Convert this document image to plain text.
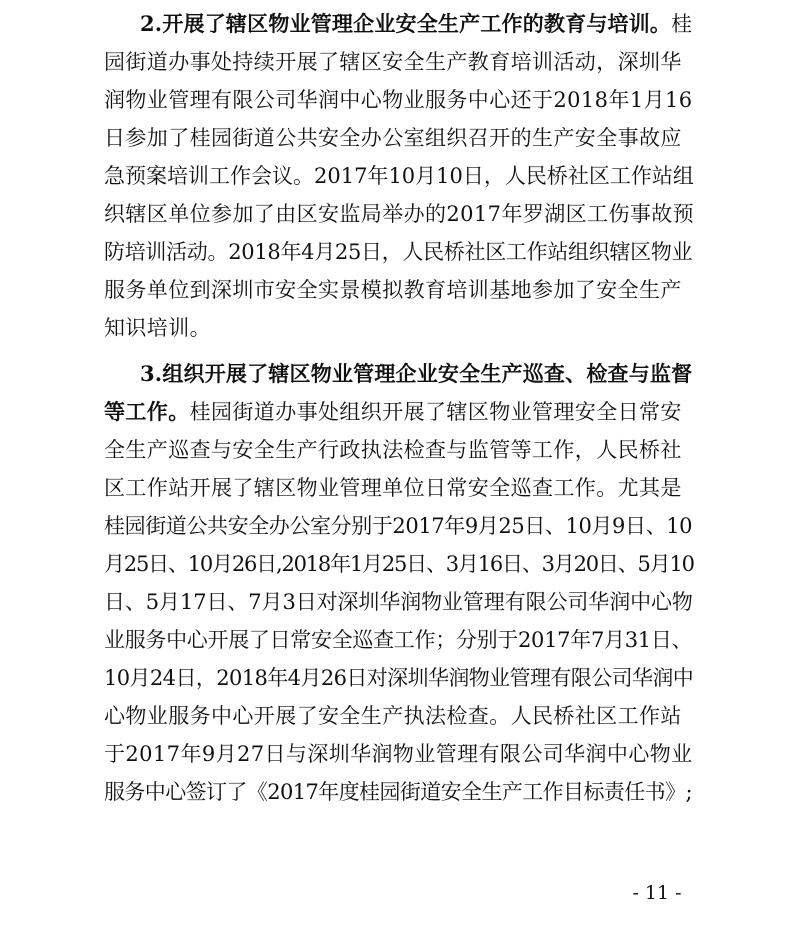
2.开展了辖区物业管理企业安全生产工作的教育与培训。桂
园街道办事处持续开展了辖区安全生产教育培训活动，深圳华
润物业管理有限公司华润中心物业服务中心还于2018年1月16
日参加了桂园街道公共安全办公室组织召开的生产安全事故应
急预案培训工作会议。2017年10月10日，人民桥社区工作站组
织辖区单位参加了由区安监局举办的2017年罗湖区工伤事故预
防培训活动。2018年4月25日，人民桥社区工作站组织辖区物业
服务单位到深圳市安全实景模拟教育培训基地参加了安全生产
知识培训。
3.组织开展了辖区物业管理企业安全生产巡查、检查与监督
等工作。桂园街道办事处组织开展了辖区物业管理安全日常安
全生产巡查与安全生产行政执法检查与监管等工作，人民桥社
区工作站开展了辖区物业管理单位日常安全巡查工作。尤其是
桂园街道公共安全办公室分别于2017年9月25日、10月9日、10
月25日、10月26日,2018年1月25日、3月16日、3月20日、5月10
日、5月17日、7月3日对深圳华润物业管理有限公司华润中心物
业服务中心开展了日常安全巡查工作；分别于2017年7月31日、
10月24日，2018年4月26日对深圳华润物业管理有限公司华润中
心物业服务中心开展了安全生产执法检查。人民桥社区工作站
于2017年9月27日与深圳华润物业管理有限公司华润中心物业
服务中心签订了《2017年度桂园街道安全生产工作目标责任书》;
- 11 -
